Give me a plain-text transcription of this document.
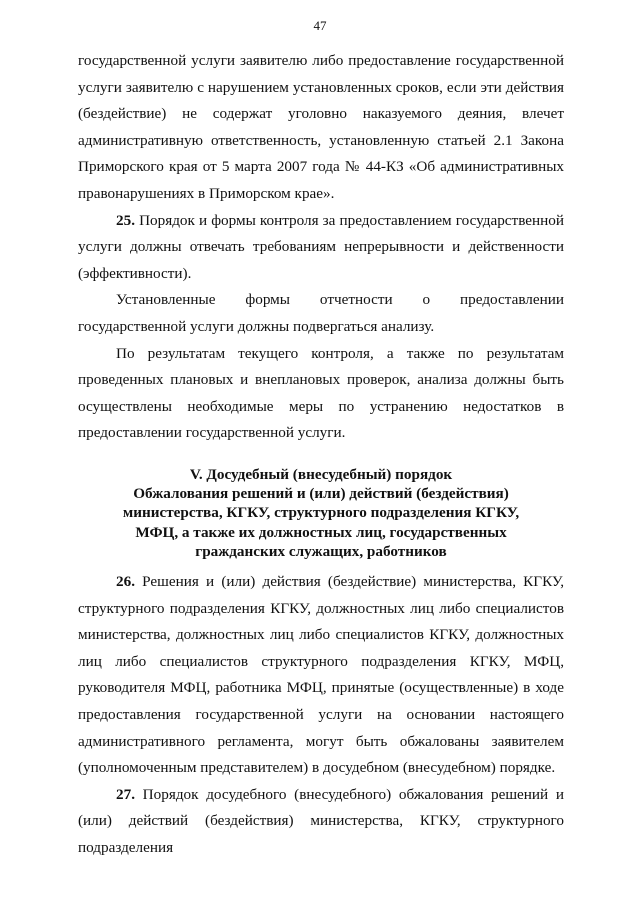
47

государственной услуги заявителю либо предоставление государственной услуги заявителю с нарушением установленных сроков, если эти действия (бездействие) не содержат уголовно наказуемого деяния, влечет административную ответственность, установленную статьей 2.1 Закона Приморского края от 5 марта 2007 года № 44-КЗ «Об административных правонарушениях в Приморском крае».

25. Порядок и формы контроля за предоставлением государственной услуги должны отвечать требованиям непрерывности и действенности (эффективности).

Установленные формы отчетности о предоставлении государственной услуги должны подвергаться анализу.

По результатам текущего контроля, а также по результатам проведенных плановых и внеплановых проверок, анализа должны быть осуществлены необходимые меры по устранению недостатков в предоставлении государственной услуги.

V. Досудебный (внесудебный) порядок
Обжалования решений и (или) действий (бездействия)
министерства, КГКУ, структурного подразделения КГКУ,
МФЦ, а также их должностных лиц, государственных
гражданских служащих, работников

26. Решения и (или) действия (бездействие) министерства, КГКУ, структурного подразделения КГКУ, должностных лиц либо специалистов министерства, должностных лиц либо специалистов КГКУ, должностных лиц либо специалистов структурного подразделения КГКУ, МФЦ, руководителя МФЦ, работника МФЦ, принятые (осуществленные) в ходе предоставления государственной услуги на основании настоящего административного регламента, могут быть обжалованы заявителем (уполномоченным представителем) в досудебном (внесудебном) порядке.

27. Порядок досудебного (внесудебного) обжалования решений и (или) действий (бездействия) министерства, КГКУ, структурного подразделения
